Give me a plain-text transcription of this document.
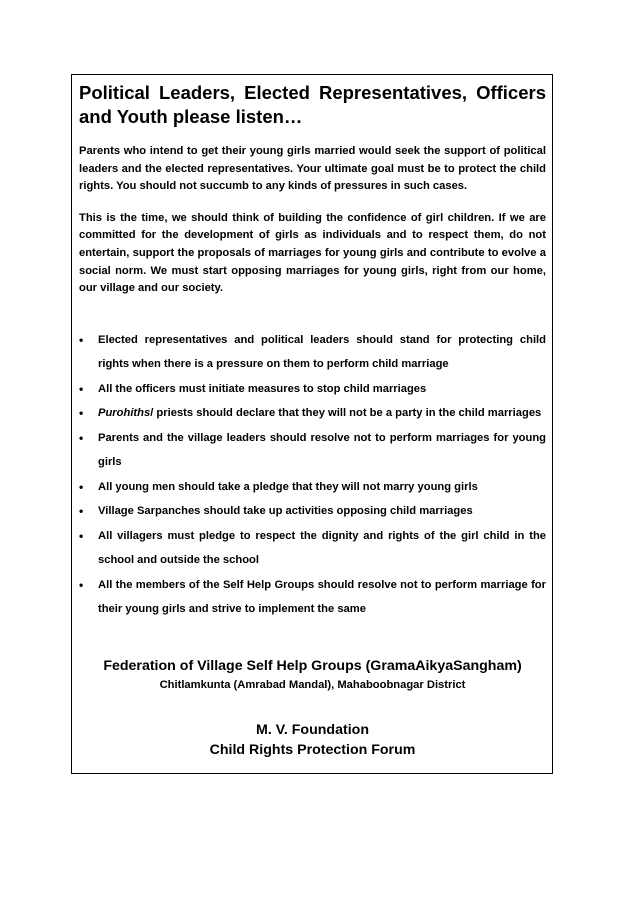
Political Leaders, Elected Representatives, Officers and Youth please listen…

Parents who intend to get their young girls married would seek the support of political leaders and the elected representatives. Your ultimate goal must be to protect the child rights. You should not succumb to any kinds of pressures in such cases.

This is the time, we should think of building the confidence of girl children. If we are committed for the development of girls as individuals and to respect them, do not entertain, support the proposals of marriages for young girls and contribute to evolve a social norm. We must start opposing marriages for young girls, right from our home, our village and our society.

• Elected representatives and political leaders should stand for protecting child rights when there is a pressure on them to perform child marriage
• All the officers must initiate measures to stop child marriages
• Purohiths/ priests should declare that they will not be a party in the child marriages
• Parents and the village leaders should resolve not to perform marriages for young girls
• All young men should take a pledge that they will not marry young girls
• Village Sarpanches should take up activities opposing child marriages
• All villagers must pledge to respect the dignity and rights of the girl child in the school and outside the school
• All the members of the Self Help Groups should resolve not to perform marriage for their young girls and strive to implement the same
Federation of Village Self Help Groups (GramaAikyaSangham)
Chitlamkunta (Amrabad Mandal), Mahaboobnagar District
M. V. Foundation
Child Rights Protection Forum
